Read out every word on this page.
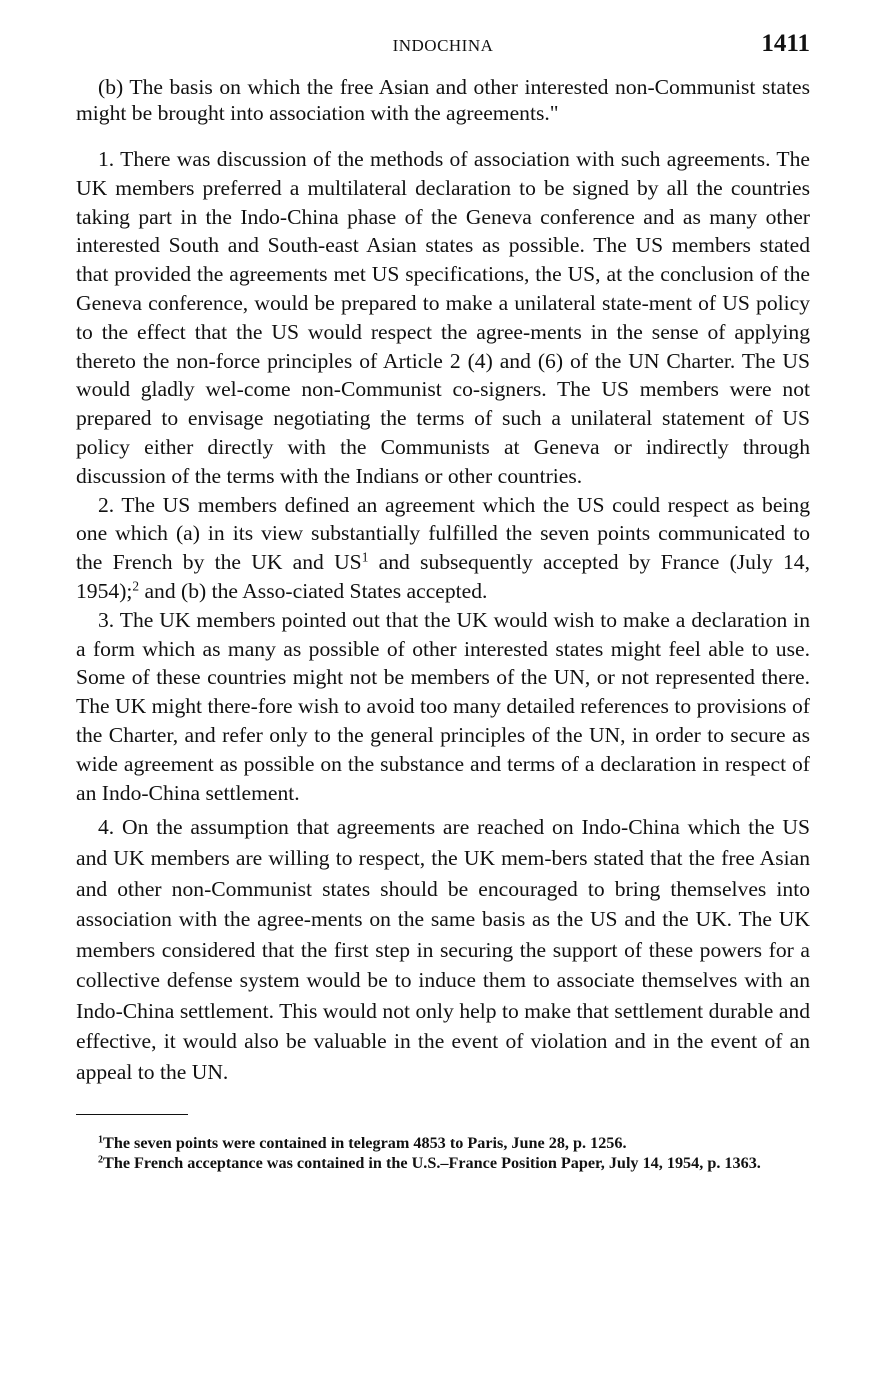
INDOCHINA	1411

(b) The basis on which the free Asian and other interested non-Communist states might be brought into association with the agreements."

1. There was discussion of the methods of association with such agreements. The UK members preferred a multilateral declaration to be signed by all the countries taking part in the Indo-China phase of the Geneva conference and as many other interested South and South-east Asian states as possible. The US members stated that provided the agreements met US specifications, the US, at the conclusion of the Geneva conference, would be prepared to make a unilateral state-ment of US policy to the effect that the US would respect the agree-ments in the sense of applying thereto the non-force principles of Article 2 (4) and (6) of the UN Charter. The US would gladly wel-come non-Communist co-signers. The US members were not prepared to envisage negotiating the terms of such a unilateral statement of US policy either directly with the Communists at Geneva or indirectly through discussion of the terms with the Indians or other countries.

2. The US members defined an agreement which the US could respect as being one which (a) in its view substantially fulfilled the seven points communicated to the French by the UK and $US^1$ and subsequently accepted by France (July 14, 1954);$^2$ and (b) the Asso-ciated States accepted.

3. The UK members pointed out that the UK would wish to make a declaration in a form which as many as possible of other interested states might feel able to use. Some of these countries might not be members of the UN, or not represented there. The UK might there-fore wish to avoid too many detailed references to provisions of the Charter, and refer only to the general principles of the UN, in order to secure as wide agreement as possible on the substance and terms of a declaration in respect of an Indo-China settlement.

4. On the assumption that agreements are reached on Indo-China which the US and UK members are willing to respect, the UK mem-bers stated that the free Asian and other non-Communist states should be encouraged to bring themselves into association with the agree-ments on the same basis as the US and the UK. The UK members considered that the first step in securing the support of these powers for a collective defense system would be to induce them to associate themselves with an Indo-China settlement. This would not only help to make that settlement durable and effective, it would also be valuable in the event of violation and in the event of an appeal to the UN.

$^1$The seven points were contained in telegram 4853 to Paris, June 28, p. 1256.

$^2$The French acceptance was contained in the U.S.–France Position Paper, July 14, 1954, p. 1363.
